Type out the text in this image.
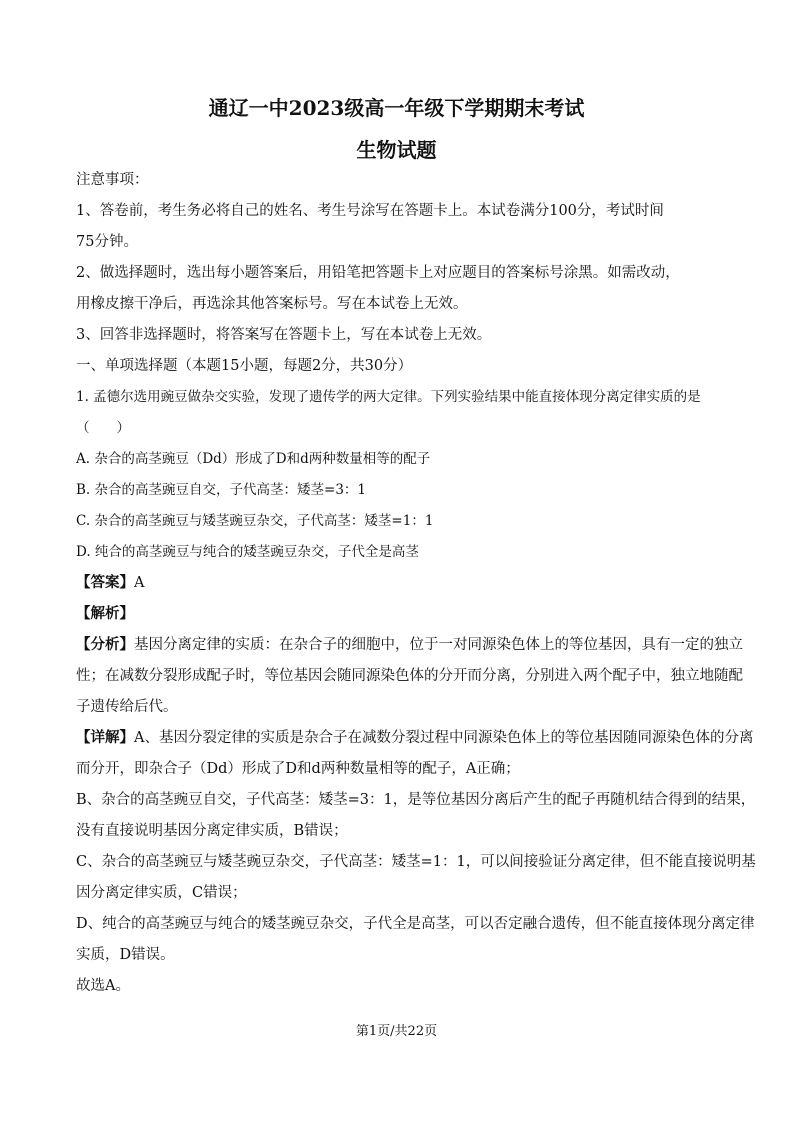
通辽一中2023级高一年级下学期期末考试
生物试题

注意事项：

1、答卷前，考生务必将自己的姓名、考生号涂写在答题卡上。本试卷满分100分，考试时间

75分钟。

2、做选择题时，选出每小题答案后，用铅笔把答题卡上对应题目的答案标号涂黑。如需改动，

用橡皮擦干净后，再选涂其他答案标号。写在本试卷上无效。

3、回答非选择题时，将答案写在答题卡上，写在本试卷上无效。

一、单项选择题（本题15小题，每题2分，共30分）

1. 孟德尔选用豌豆做杂交实验，发现了遗传学的两大定律。下列实验结果中能直接体现分离定律实质的是

（　　）

A. 杂合的高茎豌豆（Dd）形成了D和d两种数量相等的配子

B. 杂合的高茎豌豆自交，子代高茎：矮茎=3：1

C. 杂合的高茎豌豆与矮茎豌豆杂交，子代高茎：矮茎=1：1

D. 纯合的高茎豌豆与纯合的矮茎豌豆杂交，子代全是高茎

【答案】A

【解析】

【分析】基因分离定律的实质：在杂合子的细胞中，位于一对同源染色体上的等位基因，具有一定的独立

性；在减数分裂形成配子时，等位基因会随同源染色体的分开而分离，分别进入两个配子中，独立地随配

子遗传给后代。

【详解】A、基因分裂定律的实质是杂合子在减数分裂过程中同源染色体上的等位基因随同源染色体的分离

而分开，即杂合子（Dd）形成了D和d两种数量相等的配子，A正确；

B、杂合的高茎豌豆自交，子代高茎：矮茎=3：1，是等位基因分离后产生的配子再随机结合得到的结果，

没有直接说明基因分离定律实质，B错误；

C、杂合的高茎豌豆与矮茎豌豆杂交，子代高茎：矮茎=1：1，可以间接验证分离定律，但不能直接说明基

因分离定律实质，C错误；

D、纯合的高茎豌豆与纯合的矮茎豌豆杂交，子代全是高茎，可以否定融合遗传，但不能直接体现分离定律

实质，D错误。

故选A。

第1页/共22页
